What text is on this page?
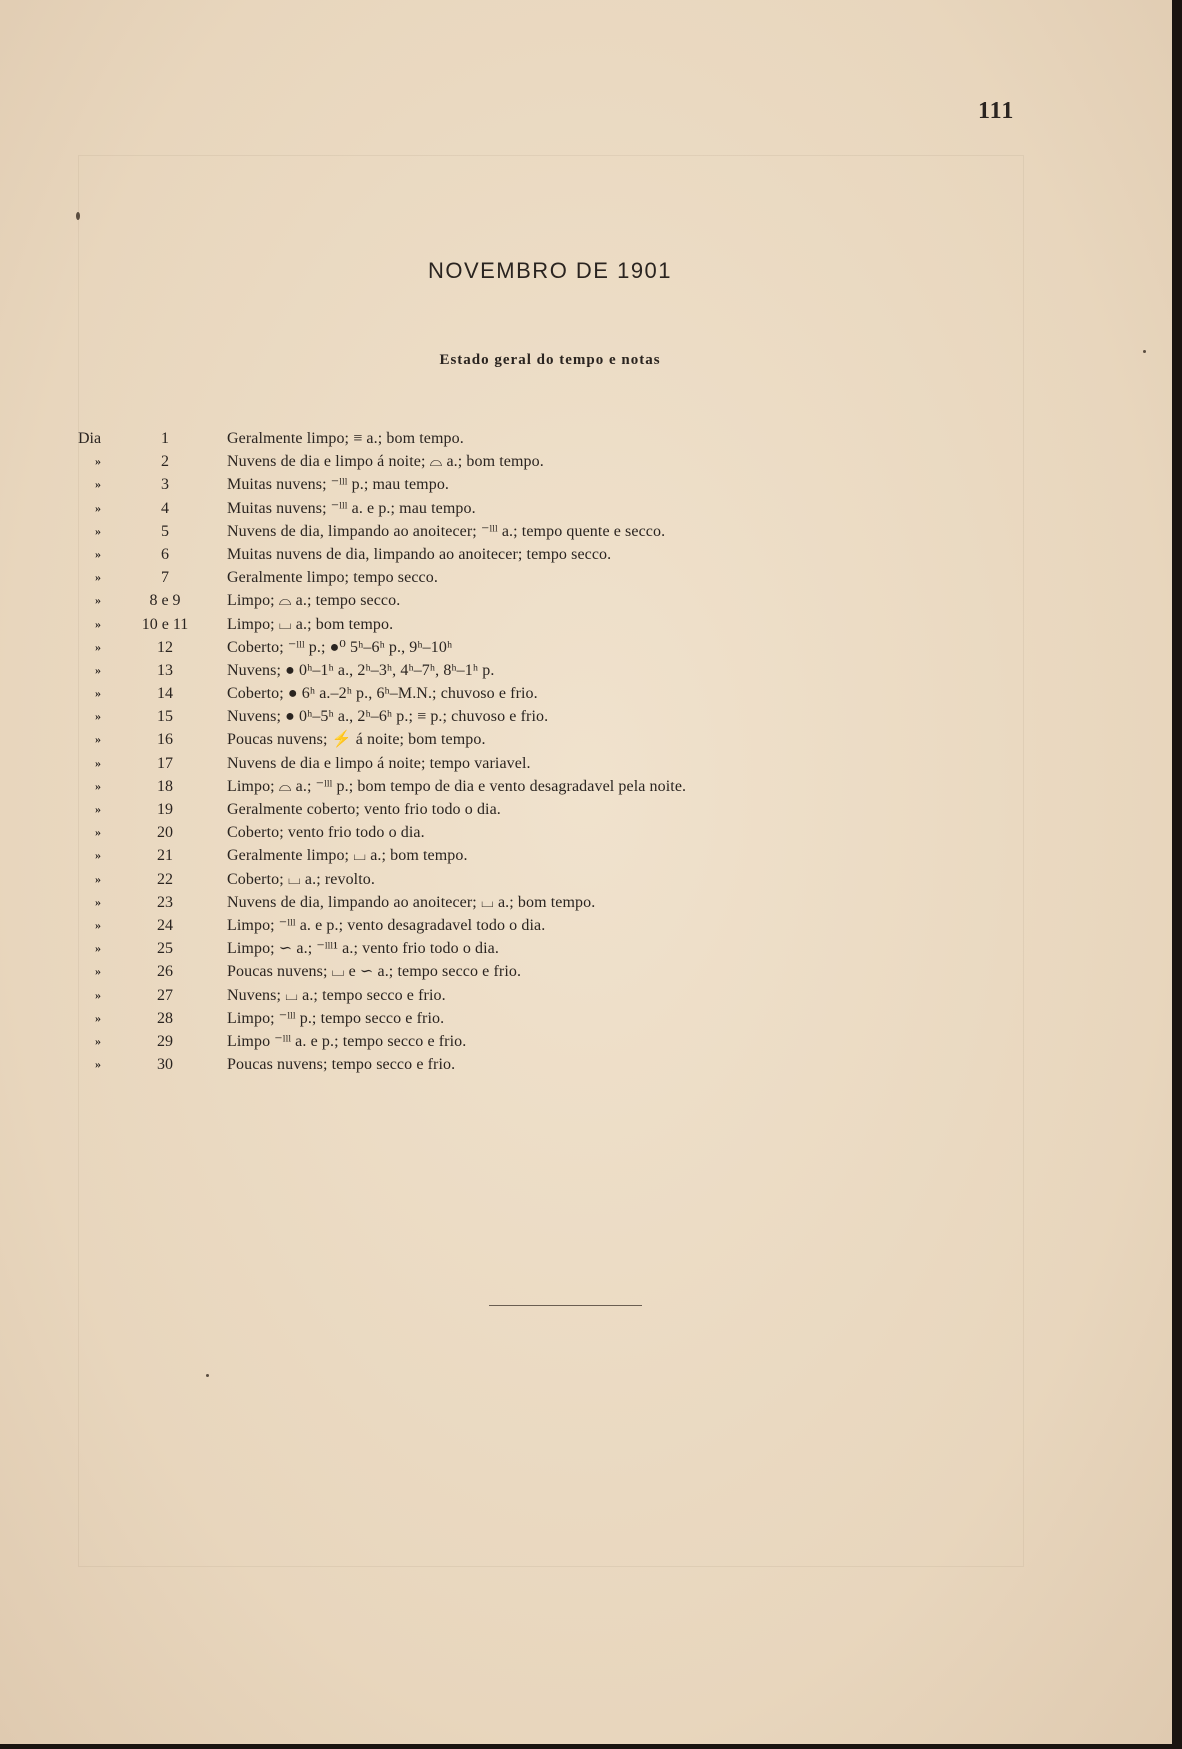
111
NOVEMBRO DE 1901
Estado geral do tempo e notas
Dia	1	Geralmente limpo; ≡ a.; bom tempo.
»	2	Nuvens de dia e limpo á noite; ⌓ a.; bom tempo.
»	3	Muitas nuvens; ⁻ˡˡˡ p.; mau tempo.
»	4	Muitas nuvens; ⁻ˡˡˡ a. e p.; mau tempo.
»	5	Nuvens de dia, limpando ao anoitecer; ⁻ˡˡˡ a.; tempo quente e secco.
»	6	Muitas nuvens de dia, limpando ao anoitecer; tempo secco.
»	7	Geralmente limpo; tempo secco.
»	8 e 9	Limpo; ⌓ a.; tempo secco.
»	10 e 11	Limpo; ⌴ a.; bom tempo.
»	12	Coberto; ⁻ˡˡˡ p.; ●⁰ 5ʰ–6ʰ p., 9ʰ–10ʰ
»	13	Nuvens; ● 0ʰ–1ʰ a., 2ʰ–3ʰ, 4ʰ–7ʰ, 8ʰ–1ʰ p.
»	14	Coberto; ● 6ʰ a.–2ʰ p., 6ʰ–M.N.; chuvoso e frio.
»	15	Nuvens; ● 0ʰ–5ʰ a., 2ʰ–6ʰ p.; ≡ p.; chuvoso e frio.
»	16	Poucas nuvens; ⚡ á noite; bom tempo.
»	17	Nuvens de dia e limpo á noite; tempo variavel.
»	18	Limpo; ⌓ a.; ⁻ˡˡˡ p.; bom tempo de dia e vento desagradavel pela noite.
»	19	Geralmente coberto; vento frio todo o dia.
»	20	Coberto; vento frio todo o dia.
»	21	Geralmente limpo; ⌴ a.; bom tempo.
»	22	Coberto; ⌴ a.; revolto.
»	23	Nuvens de dia, limpando ao anoitecer; ⌴ a.; bom tempo.
»	24	Limpo; ⁻ˡˡˡ a. e p.; vento desagradavel todo o dia.
»	25	Limpo; ∽ a.; ⁻ˡˡˡ¹ a.; vento frio todo o dia.
»	26	Poucas nuvens; ⌴ e ∽ a.; tempo secco e frio.
»	27	Nuvens; ⌴ a.; tempo secco e frio.
»	28	Limpo; ⁻ˡˡˡ p.; tempo secco e frio.
»	29	Limpo ⁻ˡˡˡ a. e p.; tempo secco e frio.
»	30	Poucas nuvens; tempo secco e frio.
